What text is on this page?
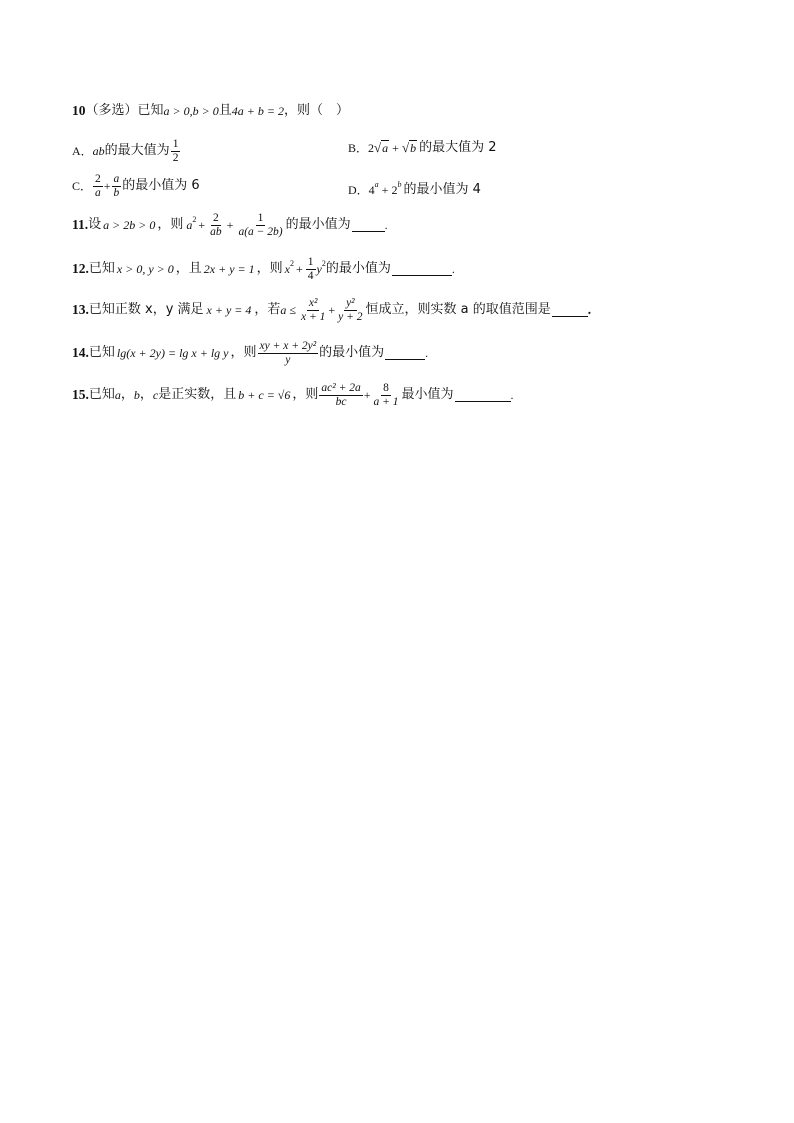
10 （多选） 已知 a > 0,b > 0 且 4a + b = 2 ，则（　）
A． ab 的最大值为 $\frac{1}{2}$	B． 2 √ a + √ b 的最大值为 2
C． $\frac{2}{a} + \frac{a}{b}$ 的最小值为 6	D． 4 a + 2 b 的最小值为 4
11. 设 a > 2b > 0 ，则 a $2 + \frac{2}{ab} + \frac{1}{a(a - 2b)}$ 的最小值为	.
12. 已知 x > 0, y > 0 ，且 2x + y = 1 ，则 x $2 + \frac{1}{4}$ y 2 的最小值为	.
13. 已知正数 x，y 满足 x + y = 4 ，若 $a \le \frac{\text{x²}}{x + 1} + \frac{\text{y²}}{y + 2}$ 恒成立，则实数 a 的取值范围是	.
14. 已知 lg(x + 2y) = lg x + lg y ，则 $\frac{\text{xy + x + 2y²}}{y}$ 的最小值为	.
15. 已知 a ， b ， c 是正实数，且 b + c = √6 ，则 $\frac{\text{ac² + 2a}}{bc} + \frac{8}{a + 1}$ 最小值为	.
